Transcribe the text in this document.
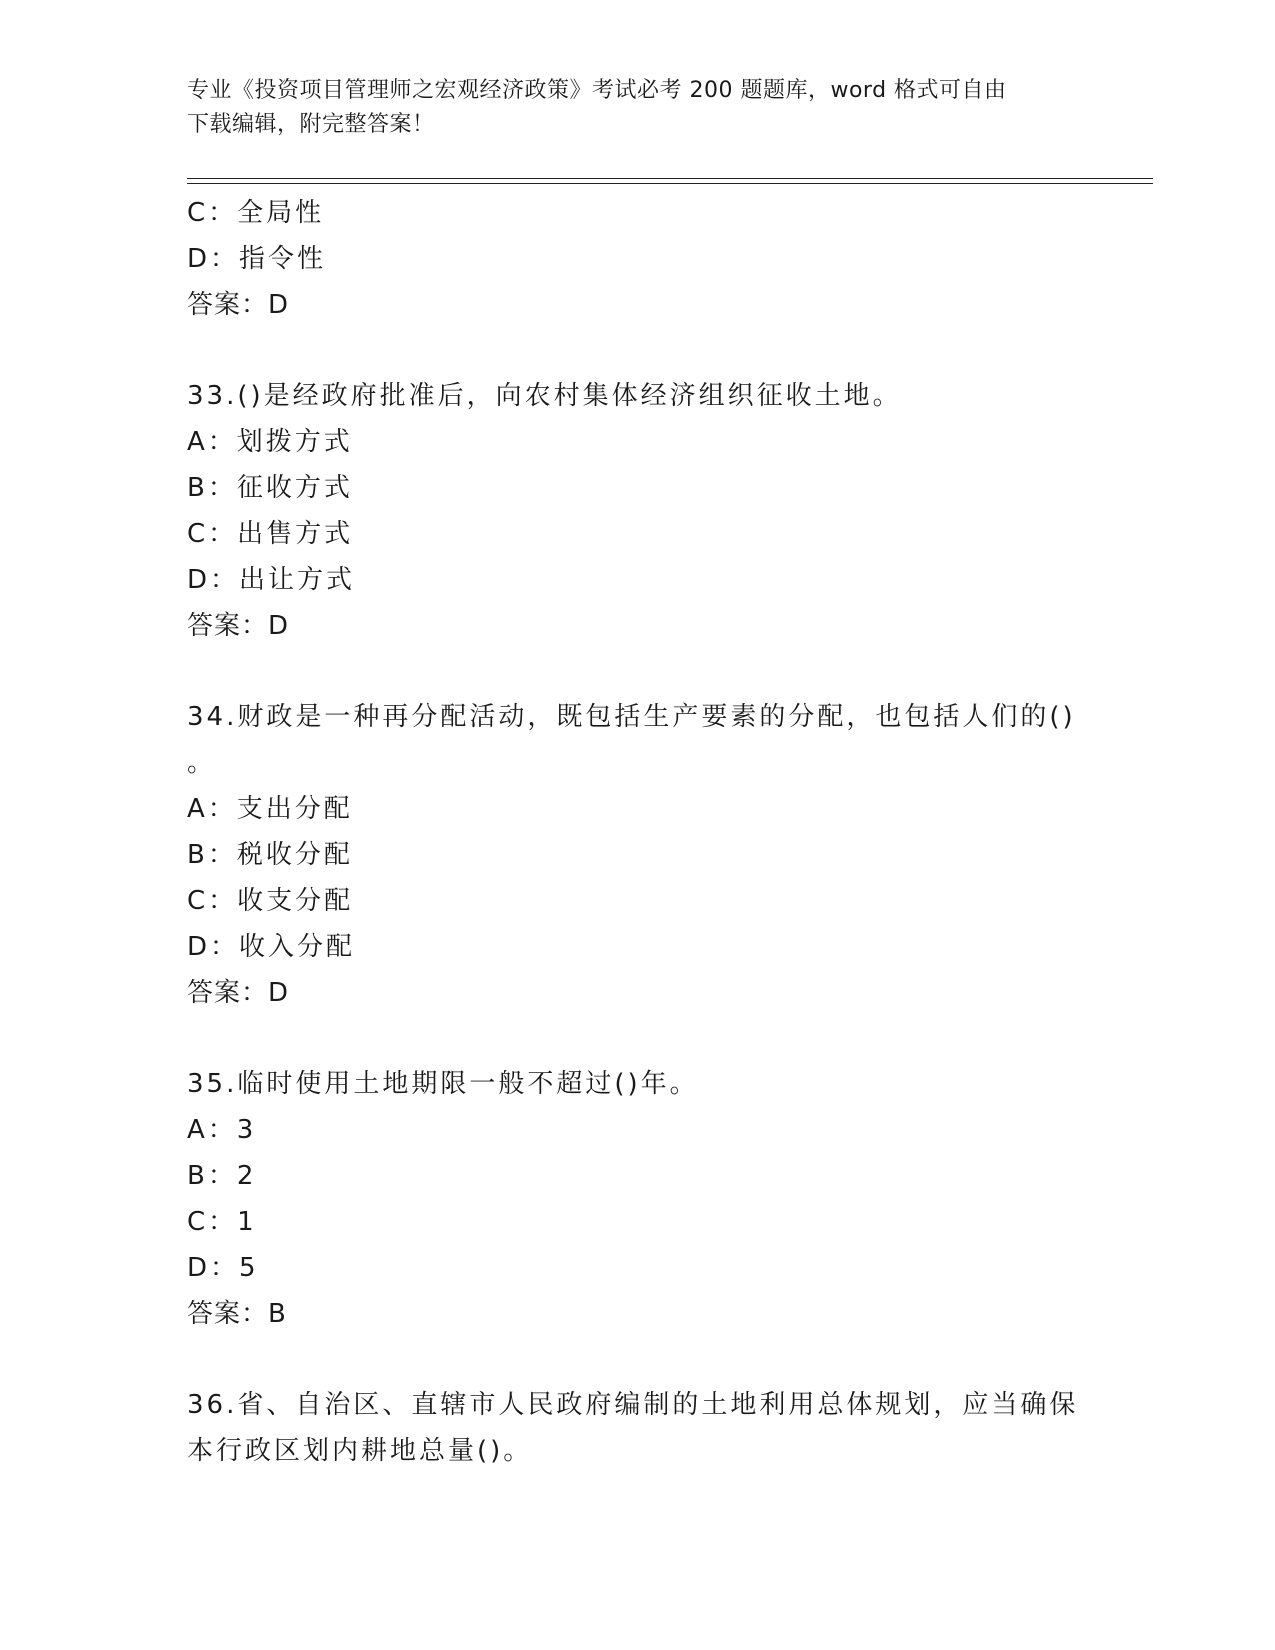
专业《投资项目管理师之宏观经济政策》考试必考 200 题题库，word 格式可自由
下载编辑，附完整答案！
C：全局性
D：指令性
答案：D
33.()是经政府批准后，向农村集体经济组织征收土地。
A：划拨方式
B：征收方式
C：出售方式
D：出让方式
答案：D
34.财政是一种再分配活动，既包括生产要素的分配，也包括人们的()
。
A：支出分配
B：税收分配
C：收支分配
D：收入分配
答案：D
35.临时使用土地期限一般不超过()年。
A：3
B：2
C：1
D：5
答案：B
36.省、自治区、直辖市人民政府编制的土地利用总体规划，应当确保
本行政区划内耕地总量()。
